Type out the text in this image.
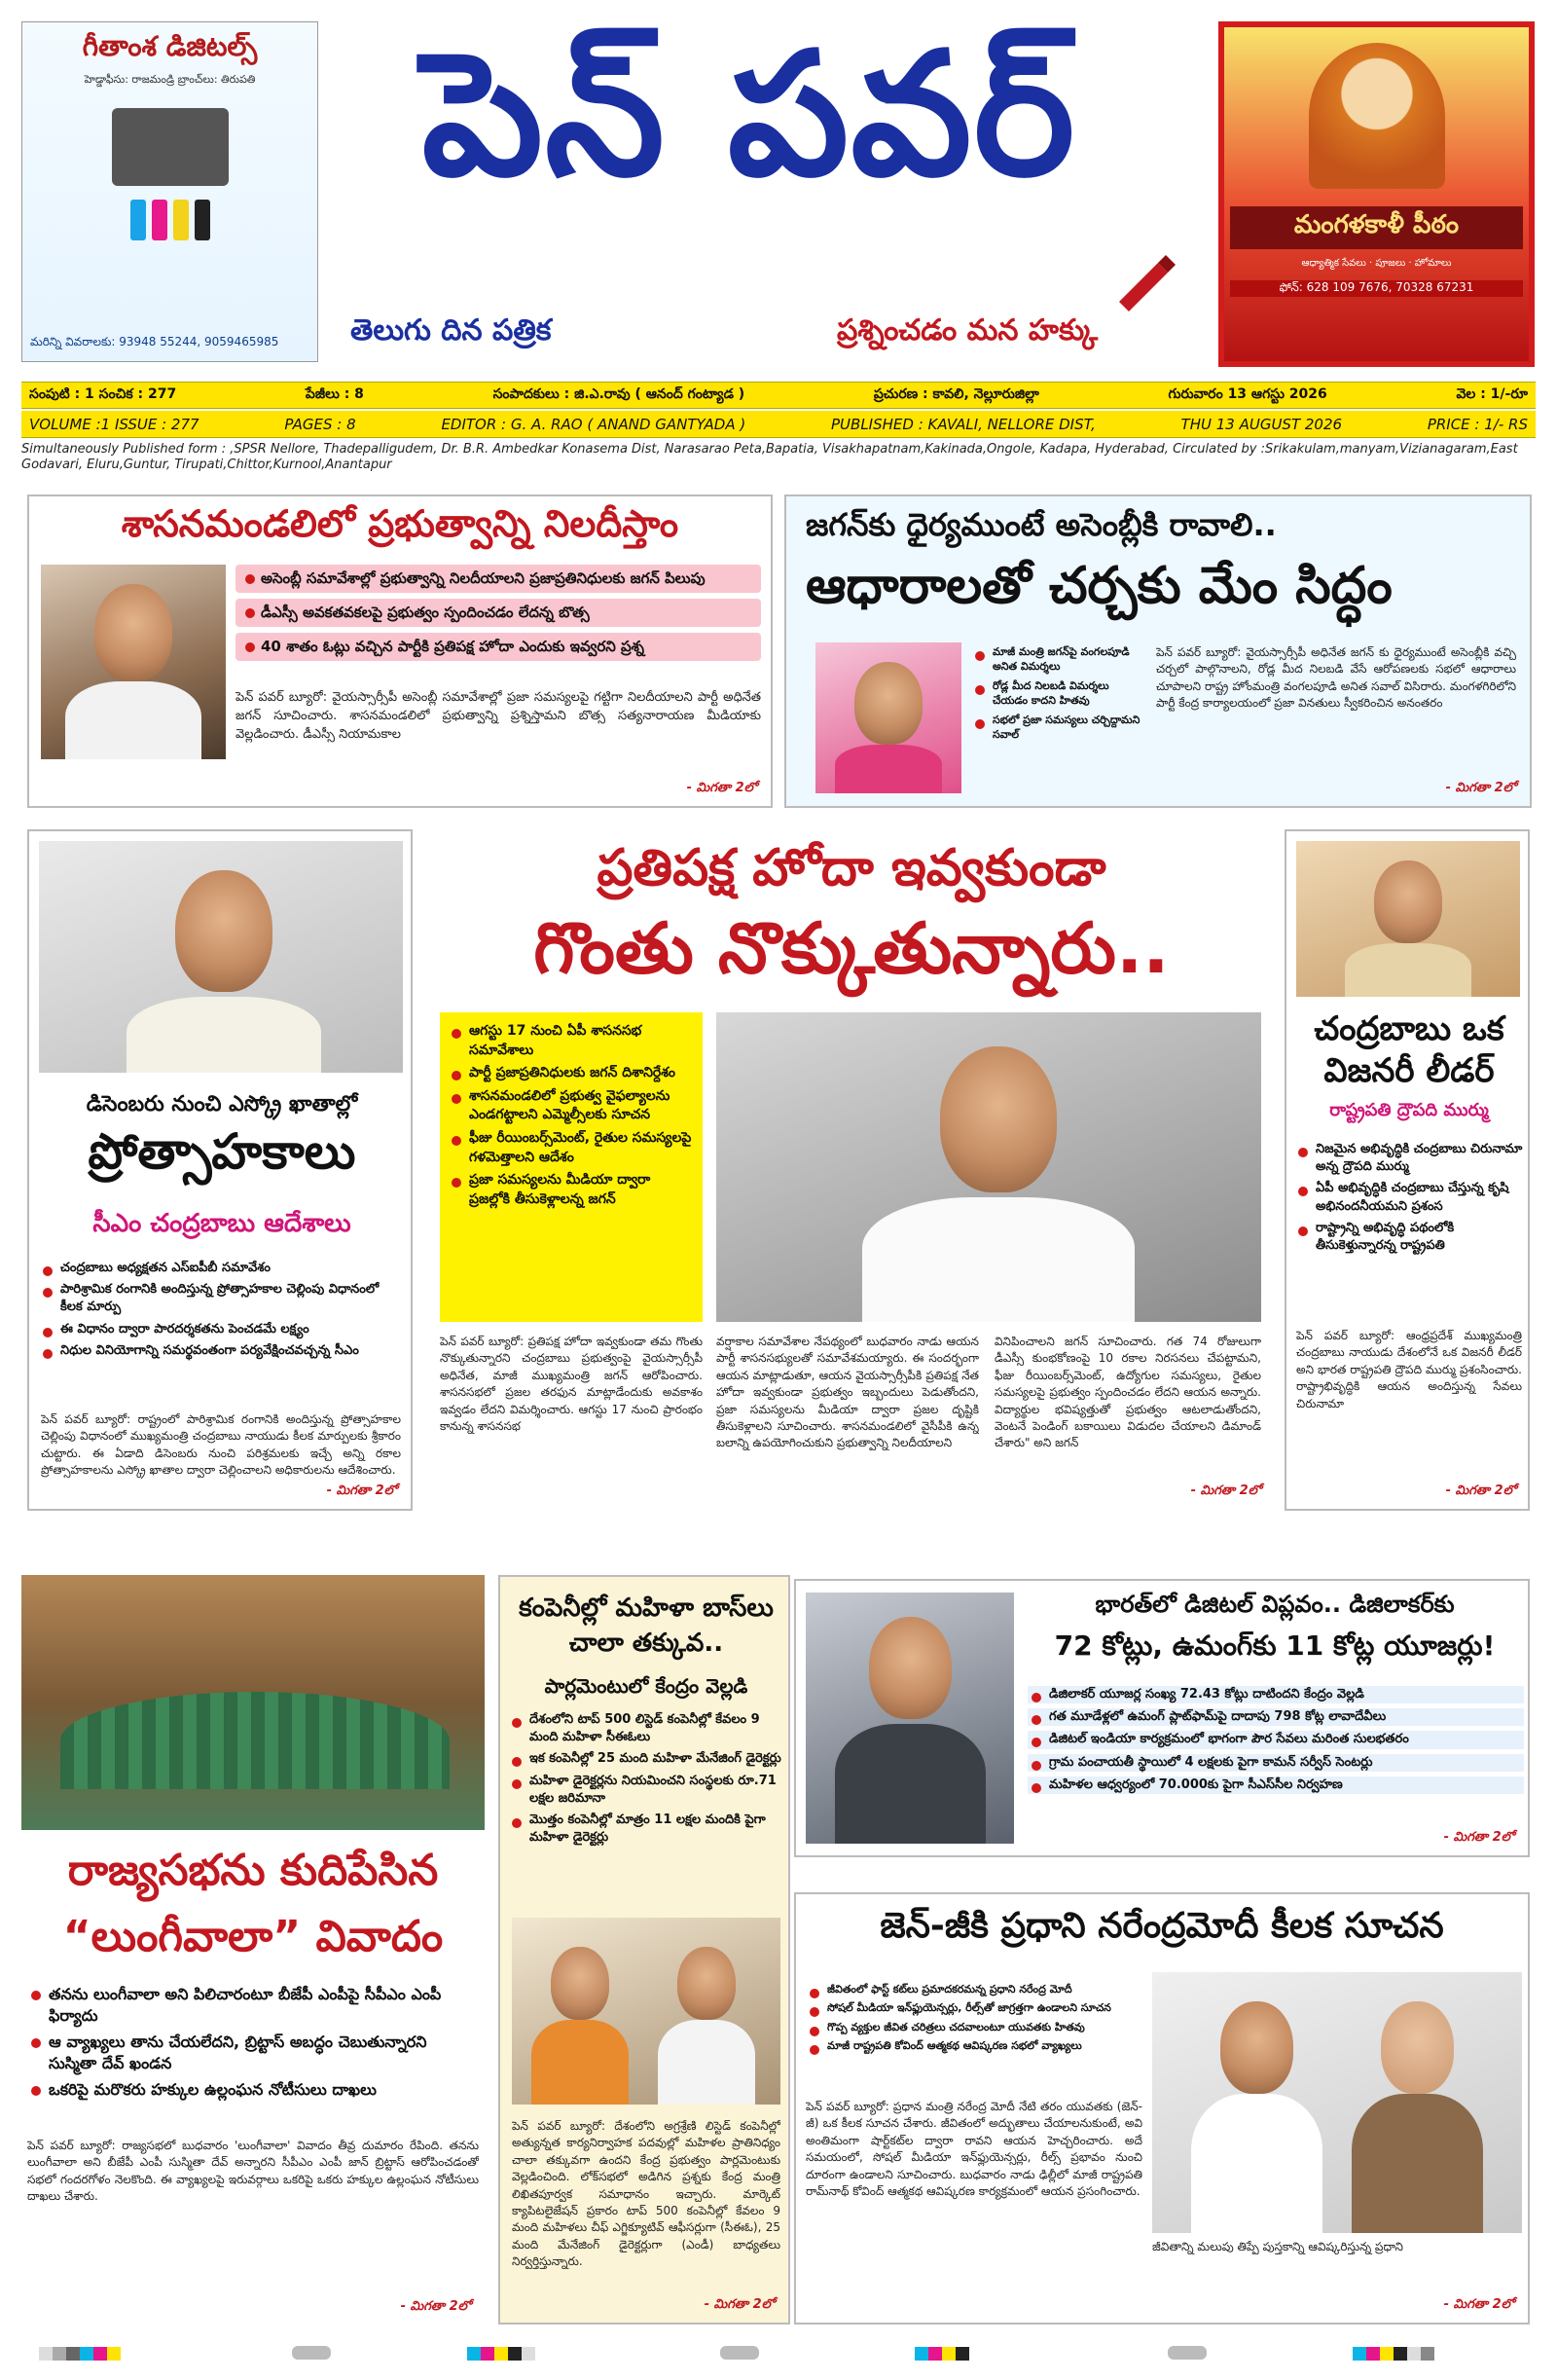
గీతాంశ డిజిటల్స్
హెడ్డాఫీసు: రాజమండ్రి బ్రాంచ్‌లు: తిరుపతి
మరిన్ని వివరాలకు: 93948 55244, 9059465985
పెన్ పవర్
తెలుగు దిన పత్రిక	ప్రశ్నించడం మన హక్కు
మంగళకాళీ పీఠం
ఆధ్యాత్మిక సేవలు · పూజలు · హోమాలు
ఫోన్: 628 109 7676, 70328 67231
సంపుటి : 1 సంచిక : 277	పేజీలు : 8	సంపాదకులు : జి.ఎ.రావు ( ఆనంద్ గంట్యాడ )	ప్రచురణ : కావలి, నెల్లూరుజిల్లా	గురువారం 13 ఆగస్టు 2026	వెల : 1/-రూ
VOLUME :1 ISSUE : 277	PAGES : 8	EDITOR : G. A. RAO ( ANAND GANTYADA )	PUBLISHED : KAVALI, NELLORE DIST,	THU 13 AUGUST 2026	PRICE : 1/- RS
Simultaneously Published form : ,SPSR Nellore, Thadepalligudem, Dr. B.R. Ambedkar Konasema Dist, Narasarao Peta,Bapatia, Visakhapatnam,Kakinada,Ongole, Kadapa, Hyderabad, Circulated by :Srikakulam,manyam,Vizianagaram,East Godavari, Eluru,Guntur, Tirupati,Chittor,Kurnool,Anantapur
శాసనమండలిలో ప్రభుత్వాన్ని నిలదీస్తాం
అసెంబ్లీ సమావేశాల్లో ప్రభుత్వాన్ని నిలదీయాలని ప్రజాప్రతినిధులకు జగన్ పిలుపు
డీఎస్సీ అవకతవకలపై ప్రభుత్వం స్పందించడం లేదన్న బొత్స
40 శాతం ఓట్లు వచ్చిన పార్టీకి ప్రతిపక్ష హోదా ఎందుకు ఇవ్వరని ప్రశ్న
పెన్ పవర్ బ్యూరో: వైయస్సార్సీపీ అసెంబ్లీ సమావేశాల్లో ప్రజా సమస్యలపై గట్టిగా నిలదీయాలని పార్టీ అధినేత జగన్ సూచించారు. శాసనమండలిలో ప్రభుత్వాన్ని ప్రశ్నిస్తామని బొత్స సత్యనారాయణ మీడియాకు వెల్లడించారు. డీఎస్సీ నియామకాల
- మిగతా 2లో
జగన్‌కు ధైర్యముంటే అసెంబ్లీకి రావాలి..
ఆధారాలతో చర్చకు మేం సిద్ధం
మాజీ మంత్రి జగన్‌పై వంగలపూడి అనిత విమర్శలు
రోడ్ల మీద నిలబడి విమర్శలు చేయడం కాదని హితవు
సభలో ప్రజా సమస్యలు చర్చిద్దామని సవాల్
పెన్ పవర్ బ్యూరో: వైయస్సార్సీపీ అధినేత జగన్ కు ధైర్యముంటే అసెంబ్లీకి వచ్చి చర్చలో పాల్గొనాలని, రోడ్ల మీద నిలబడి వేసే ఆరోపణలకు సభలో ఆధారాలు చూపాలని రాష్ట్ర హోంమంత్రి వంగలపూడి అనిత సవాల్ విసిరారు. మంగళగిరిలోని పార్టీ కేంద్ర కార్యాలయంలో ప్రజా వినతులు స్వీకరించిన అనంతరం
- మిగతా 2లో
డిసెంబరు నుంచి ఎస్క్రో ఖాతాల్లో
ప్రోత్సాహకాలు
సీఎం చంద్రబాబు ఆదేశాలు
చంద్రబాబు అధ్యక్షతన ఎస్‌ఐపీబీ సమావేశం
పారిశ్రామిక రంగానికి అందిస్తున్న ప్రోత్సాహకాల చెల్లింపు విధానంలో కీలక మార్పు
ఈ విధానం ద్వారా పారదర్శకతను పెంచడమే లక్ష్యం
నిధుల వినియోగాన్ని సమర్థవంతంగా పర్యవేక్షించవచ్చన్న సీఎం
పెన్ పవర్ బ్యూరో: రాష్ట్రంలో పారిశ్రామిక రంగానికి అందిస్తున్న ప్రోత్సాహకాల చెల్లింపు విధానంలో ముఖ్యమంత్రి చంద్రబాబు నాయుడు కీలక మార్పులకు శ్రీకారం చుట్టారు. ఈ ఏడాది డిసెంబరు నుంచి పరిశ్రమలకు ఇచ్చే అన్ని రకాల ప్రోత్సాహకాలను ఎస్క్రో ఖాతాల ద్వారా చెల్లించాలని అధికారులను ఆదేశించారు.
- మిగతా 2లో
ప్రతిపక్ష హోదా ఇవ్వకుండా
గొంతు నొక్కుతున్నారు..
ఆగస్టు 17 నుంచి ఏపీ శాసనసభ సమావేశాలు
పార్టీ ప్రజాప్రతినిధులకు జగన్ దిశానిర్దేశం
శాసనమండలిలో ప్రభుత్వ వైఫల్యాలను ఎండగట్టాలని ఎమ్మెల్సీలకు సూచన
ఫీజు రీయింబర్స్‌మెంట్, రైతుల సమస్యలపై గళమెత్తాలని ఆదేశం
ప్రజా సమస్యలను మీడియా ద్వారా ప్రజల్లోకి తీసుకెళ్లాలన్న జగన్
పెన్ పవర్ బ్యూరో: ప్రతిపక్ష హోదా ఇవ్వకుండా తమ గొంతు నొక్కుతున్నారని చంద్రబాబు ప్రభుత్వంపై వైయస్సార్సీపీ అధినేత, మాజీ ముఖ్యమంత్రి జగన్ ఆరోపించారు. శాసనసభలో ప్రజల తరఫున మాట్లాడేందుకు అవకాశం ఇవ్వడం లేదని విమర్శించారు. ఆగస్టు 17 నుంచి ప్రారంభం కానున్న శాసనసభ
వర్షాకాల సమావేశాల నేపథ్యంలో బుధవారం నాడు ఆయన పార్టీ శాసనసభ్యులతో సమావేశమయ్యారు. ఈ సందర్భంగా ఆయన మాట్లాడుతూ, ఆయన వైయస్సార్సీపీకి ప్రతిపక్ష నేత హోదా ఇవ్వకుండా ప్రభుత్వం ఇబ్బందులు పెడుతోందని, ప్రజా సమస్యలను మీడియా ద్వారా ప్రజల దృష్టికి తీసుకెళ్లాలని సూచించారు. శాసనమండలిలో వైసీపీకి ఉన్న బలాన్ని ఉపయోగించుకుని ప్రభుత్వాన్ని నిలదీయాలని
వినిపించాలని జగన్ సూచించారు. గత 74 రోజులుగా డీఎస్సీ కుంభకోణంపై 10 రకాల నిరసనలు చేపట్టామని, ఫీజు రీయింబర్స్‌మెంట్, ఉద్యోగుల సమస్యలు, రైతుల సమస్యలపై ప్రభుత్వం స్పందించడం లేదని ఆయన అన్నారు. విద్యార్థుల భవిష్యత్తుతో ప్రభుత్వం ఆటలాడుతోందని, వెంటనే పెండింగ్ బకాయిలు విడుదల చేయాలని డిమాండ్ చేశారు" అని జగన్
- మిగతా 2లో
చంద్రబాబు ఒక విజనరీ లీడర్
రాష్ట్రపతి ద్రౌపది ముర్ము
నిజమైన అభివృద్ధికి చంద్రబాబు చిరునామా అన్న ద్రౌపది ముర్ము
ఏపీ అభివృద్ధికి చంద్రబాబు చేస్తున్న కృషి అభినందనీయమని ప్రశంస
రాష్ట్రాన్ని అభివృద్ధి పథంలోకి తీసుకెళ్తున్నారన్న రాష్ట్రపతి
పెన్ పవర్ బ్యూరో: ఆంధ్రప్రదేశ్ ముఖ్యమంత్రి చంద్రబాబు నాయుడు దేశంలోనే ఒక విజనరీ లీడర్ అని భారత రాష్ట్రపతి ద్రౌపది ముర్ము ప్రశంసించారు. రాష్ట్రాభివృద్ధికి ఆయన అందిస్తున్న సేవలు చిరునామా
- మిగతా 2లో
రాజ్యసభను కుదిపేసిన
“లుంగీవాలా” వివాదం
తనను లుంగీవాలా అని పిలిచారంటూ బీజేపీ ఎంపీపై సీపీఎం ఎంపీ ఫిర్యాదు
ఆ వ్యాఖ్యలు తాను చేయలేదని, బ్రిట్టాస్ అబద్ధం చెబుతున్నారని సుస్మితా దేవ్ ఖండన
ఒకరిపై మరొకరు హక్కుల ఉల్లంఘన నోటీసులు దాఖలు
పెన్ పవర్ బ్యూరో: రాజ్యసభలో బుధవారం 'లుంగీవాలా' వివాదం తీవ్ర దుమారం రేపింది. తనను లుంగీవాలా అని బీజేపీ ఎంపీ సుస్మితా దేవ్ అన్నారని సీపీఎం ఎంపీ జాన్ బ్రిట్టాస్ ఆరోపించడంతో సభలో గందరగోళం నెలకొంది. ఈ వ్యాఖ్యలపై ఇరువర్గాలు ఒకరిపై ఒకరు హక్కుల ఉల్లంఘన నోటీసులు దాఖలు చేశారు.
- మిగతా 2లో
కంపెనీల్లో మహిళా బాస్‌లు చాలా తక్కువ..
పార్లమెంటులో కేంద్రం వెల్లడి
దేశంలోని టాప్ 500 లిస్టెడ్ కంపెనీల్లో కేవలం 9 మంది మహిళా సీఈఓలు
ఇక కంపెనీల్లో 25 మంది మహిళా మేనేజింగ్ డైరెక్టర్లు
మహిళా డైరెక్టర్లను నియమించని సంస్థలకు రూ.71 లక్షల జరిమానా
మొత్తం కంపెనీల్లో మాత్రం 11 లక్షల మందికి పైగా మహిళా డైరెక్టర్లు
పెన్ పవర్ బ్యూరో: దేశంలోని అగ్రశ్రేణి లిస్టెడ్ కంపెనీల్లో అత్యున్నత కార్యనిర్వాహక పదవుల్లో మహిళల ప్రాతినిధ్యం చాలా తక్కువగా ఉందని కేంద్ర ప్రభుత్వం పార్లమెంటుకు వెల్లడించింది. లోక్‌సభలో అడిగిన ప్రశ్నకు కేంద్ర మంత్రి లిఖితపూర్వక సమాధానం ఇచ్చారు. మార్కెట్ క్యాపిటలైజేషన్ ప్రకారం టాప్ 500 కంపెనీల్లో కేవలం 9 మంది మహిళలు చీఫ్ ఎగ్జిక్యూటివ్ ఆఫీసర్లుగా (సీఈఓ), 25 మంది మేనేజింగ్ డైరెక్టర్లుగా (ఎండీ) బాధ్యతలు నిర్వర్తిస్తున్నారు.
- మిగతా 2లో
భారత్‌లో డిజిటల్ విప్లవం.. డిజిలాకర్‌కు
72 కోట్లు, ఉమంగ్‌కు 11 కోట్ల యూజర్లు!
డిజిలాకర్ యూజర్ల సంఖ్య 72.43 కోట్లు దాటిందని కేంద్రం వెల్లడి
గత మూడేళ్లలో ఉమంగ్ ప్లాట్‌ఫామ్‌పై దాదాపు 798 కోట్ల లావాదేవీలు
డిజిటల్ ఇండియా కార్యక్రమంలో భాగంగా పౌర సేవలు మరింత సులభతరం
గ్రామ పంచాయతీ స్థాయిలో 4 లక్షలకు పైగా కామన్ సర్వీస్ సెంటర్లు
మహిళల ఆధ్వర్యంలో 70.000కు పైగా సీఎస్‌సీల నిర్వహణ
- మిగతా 2లో
జెన్-జీకి ప్రధాని నరేంద్రమోదీ కీలక సూచన
జీవితంలో ఫాస్ట్ కట్‌లు ప్రమాదకరమన్న ప్రధాని నరేంద్ర మోదీ
సోషల్ మీడియా ఇన్‌ఫ్లుయెన్సర్లు, రీల్స్‌తో జాగ్రత్తగా ఉండాలని సూచన
గొప్ప వ్యక్తుల జీవిత చరిత్రలు చదవాలంటూ యువతకు హితవు
మాజీ రాష్ట్రపతి కోవింద్ ఆత్మకథ ఆవిష్కరణ సభలో వ్యాఖ్యలు
పెన్ పవర్ బ్యూరో: ప్రధాన మంత్రి నరేంద్ర మోదీ నేటి తరం యువతకు (జెన్-జీ) ఒక కీలక సూచన చేశారు. జీవితంలో అద్భుతాలు చేయాలనుకుంటే, అవి అంతిమంగా షార్ట్‌కట్‌ల ద్వారా రావని ఆయన హెచ్చరించారు. అదే సమయంలో, సోషల్ మీడియా ఇన్‌ఫ్లుయెన్సర్లు, రీల్స్ ప్రభావం నుంచి దూరంగా ఉండాలని సూచించారు. బుధవారం నాడు ఢిల్లీలో మాజీ రాష్ట్రపతి రామ్‌నాథ్ కోవింద్ ఆత్మకథ ఆవిష్కరణ కార్యక్రమంలో ఆయన ప్రసంగించారు.
జీవితాన్ని మలుపు తిప్పే పుస్తకాన్ని ఆవిష్కరిస్తున్న ప్రధాని
- మిగతా 2లో
